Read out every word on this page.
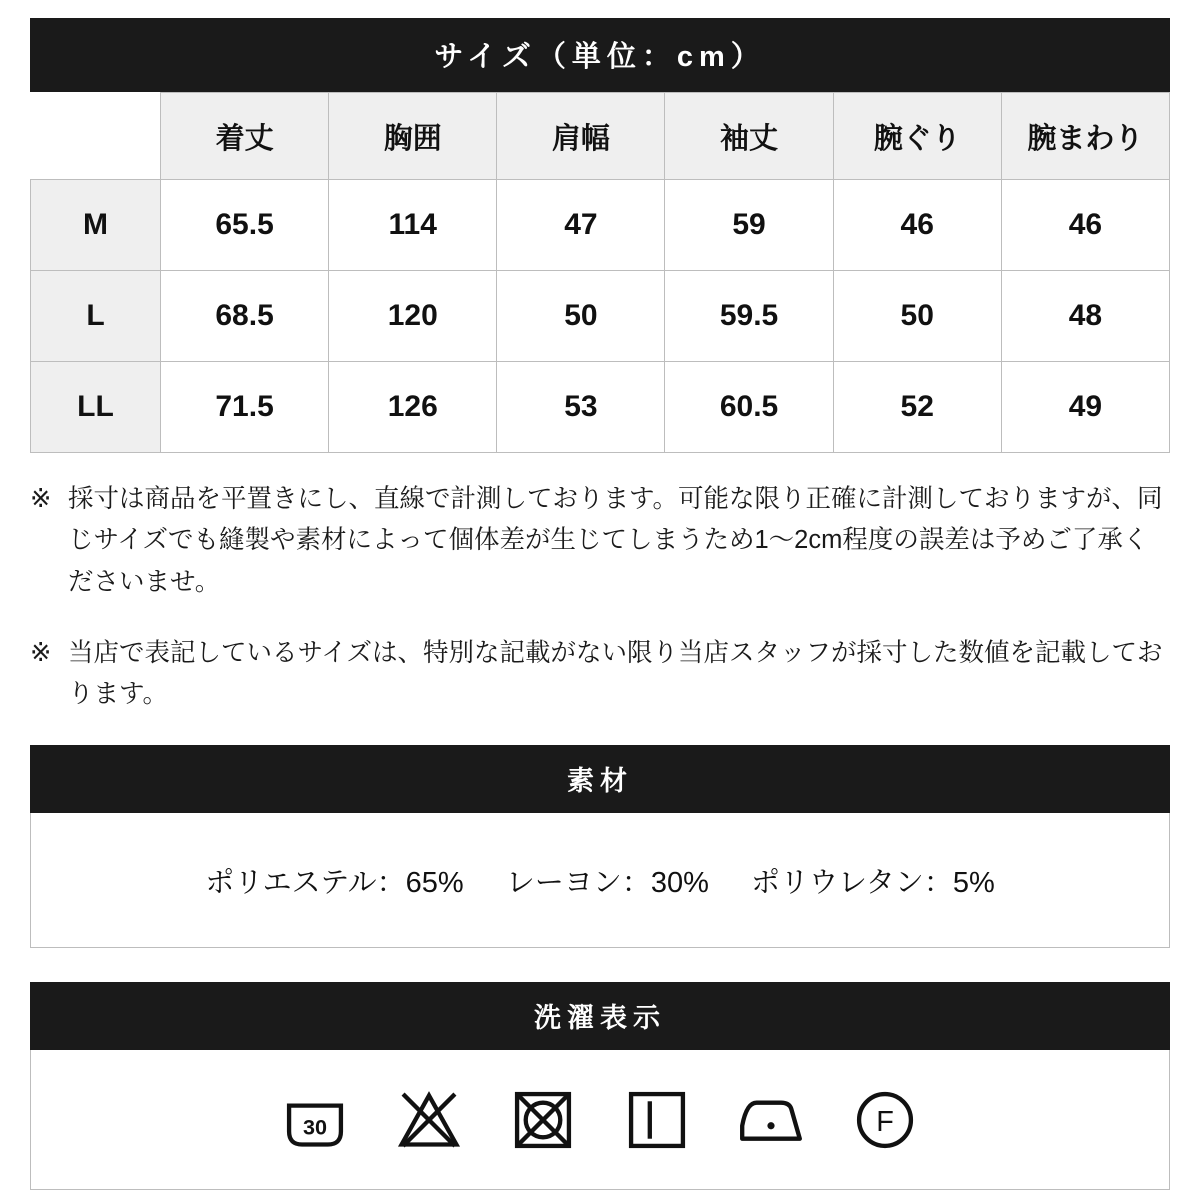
サイズ（単位：cm）
	着丈	胸囲	肩幅	袖丈	腕ぐり	腕まわり
M	65.5	114	47	59	46	46
L	68.5	120	50	59.5	50	48
LL	71.5	126	53	60.5	52	49
※ 採寸は商品を平置きにし、直線で計測しております。可能な限り正確に計測しておりますが、同じサイズでも縫製や素材によって個体差が生じてしまうため1〜2cm程度の誤差は予めご了承くださいませ。
※ 当店で表記しているサイズは、特別な記載がない限り当店スタッフが採寸した数値を記載しております。
素材
ポリエステル：65% レーヨン：30% ポリウレタン：5%
洗濯表示
30	F
